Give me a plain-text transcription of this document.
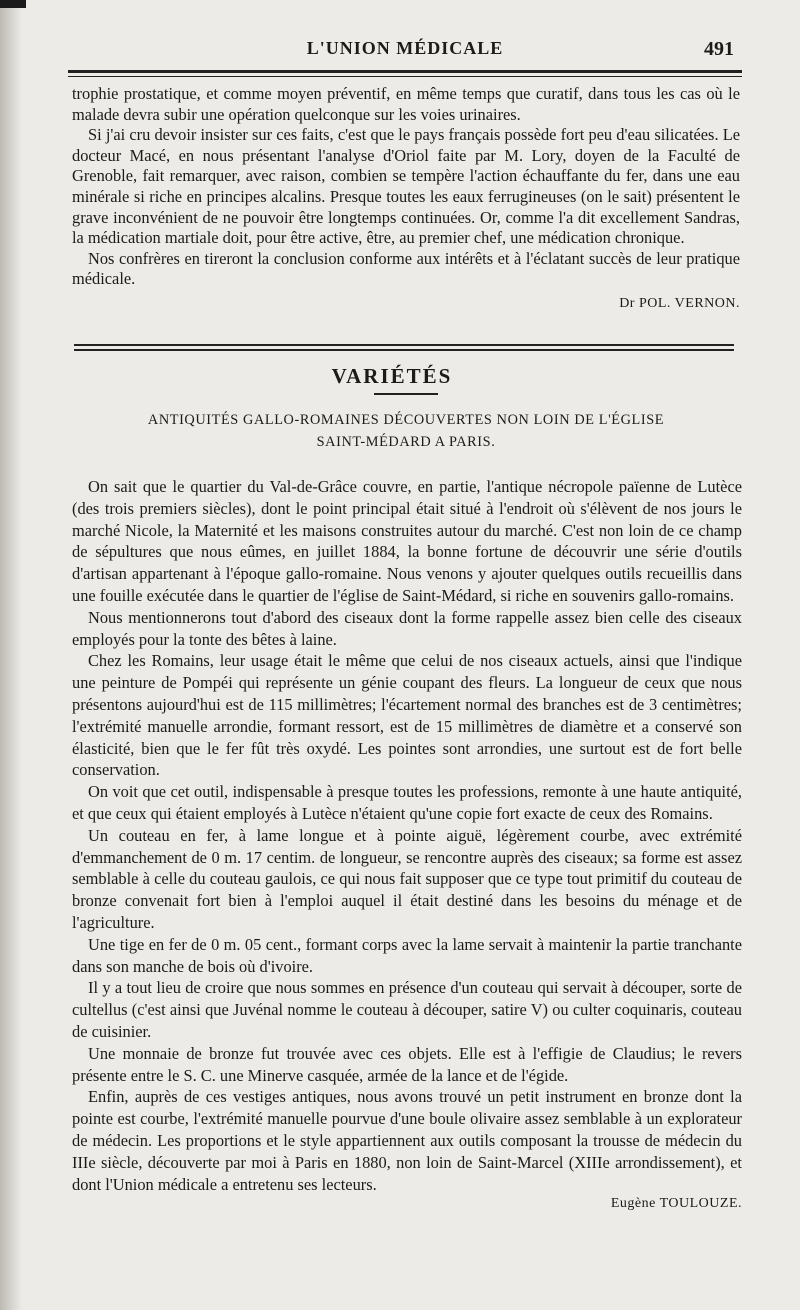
L'UNION MÉDICALE	491

trophie prostatique, et comme moyen préventif, en même temps que curatif, dans tous les cas où le malade devra subir une opération quelconque sur les voies urinaires.

Si j'ai cru devoir insister sur ces faits, c'est que le pays français possède fort peu d'eau silicatées. Le docteur Macé, en nous présentant l'analyse d'Oriol faite par M. Lory, doyen de la Faculté de Grenoble, fait remarquer, avec raison, combien se tempère l'action échauffante du fer, dans une eau minérale si riche en principes alcalins. Presque toutes les eaux ferrugineuses (on le sait) présentent le grave inconvénient de ne pouvoir être longtemps continuées. Or, comme l'a dit excellement Sandras, la médication martiale doit, pour être active, être, au premier chef, une médication chronique.

Nos confrères en tireront la conclusion conforme aux intérêts et à l'éclatant succès de leur pratique médicale.

Dr POL. VERNON.
VARIÉTÉS
ANTIQUITÉS GALLO-ROMAINES DÉCOUVERTES NON LOIN DE L'ÉGLISE
SAINT-MÉDARD A PARIS.

On sait que le quartier du Val-de-Grâce couvre, en partie, l'antique nécropole païenne de Lutèce (des trois premiers siècles), dont le point principal était situé à l'endroit où s'élèvent de nos jours le marché Nicole, la Maternité et les maisons construites autour du marché. C'est non loin de ce champ de sépultures que nous eûmes, en juillet 1884, la bonne fortune de découvrir une série d'outils d'artisan appartenant à l'époque gallo-romaine. Nous venons y ajouter quelques outils recueillis dans une fouille exécutée dans le quartier de l'église de Saint-Médard, si riche en souvenirs gallo-romains.

Nous mentionnerons tout d'abord des ciseaux dont la forme rappelle assez bien celle des ciseaux employés pour la tonte des bêtes à laine.

Chez les Romains, leur usage était le même que celui de nos ciseaux actuels, ainsi que l'indique une peinture de Pompéi qui représente un génie coupant des fleurs. La longueur de ceux que nous présentons aujourd'hui est de 115 millimètres; l'écartement normal des branches est de 3 centimètres; l'extrémité manuelle arrondie, formant ressort, est de 15 millimètres de diamètre et a conservé son élasticité, bien que le fer fût très oxydé. Les pointes sont arrondies, une surtout est de fort belle conservation.

On voit que cet outil, indispensable à presque toutes les professions, remonte à une haute antiquité, et que ceux qui étaient employés à Lutèce n'étaient qu'une copie fort exacte de ceux des Romains.

Un couteau en fer, à lame longue et à pointe aiguë, légèrement courbe, avec extrémité d'emmanchement de 0 m. 17 centim. de longueur, se rencontre auprès des ciseaux; sa forme est assez semblable à celle du couteau gaulois, ce qui nous fait supposer que ce type tout primitif du couteau de bronze convenait fort bien à l'emploi auquel il était destiné dans les besoins du ménage et de l'agriculture.

Une tige en fer de 0 m. 05 cent., formant corps avec la lame servait à maintenir la partie tranchante dans son manche de bois où d'ivoire.

Il y a tout lieu de croire que nous sommes en présence d'un couteau qui servait à découper, sorte de cultellus (c'est ainsi que Juvénal nomme le couteau à découper, satire V) ou culter coquinaris, couteau de cuisinier.

Une monnaie de bronze fut trouvée avec ces objets. Elle est à l'effigie de Claudius; le revers présente entre le S. C. une Minerve casquée, armée de la lance et de l'égide.

Enfin, auprès de ces vestiges antiques, nous avons trouvé un petit instrument en bronze dont la pointe est courbe, l'extrémité manuelle pourvue d'une boule olivaire assez semblable à un explorateur de médecin. Les proportions et le style appartiennent aux outils composant la trousse de médecin du IIIe siècle, découverte par moi à Paris en 1880, non loin de Saint-Marcel (XIIIe arrondissement), et dont l'Union médicale a entretenu ses lecteurs.

Eugène TOULOUZE.
